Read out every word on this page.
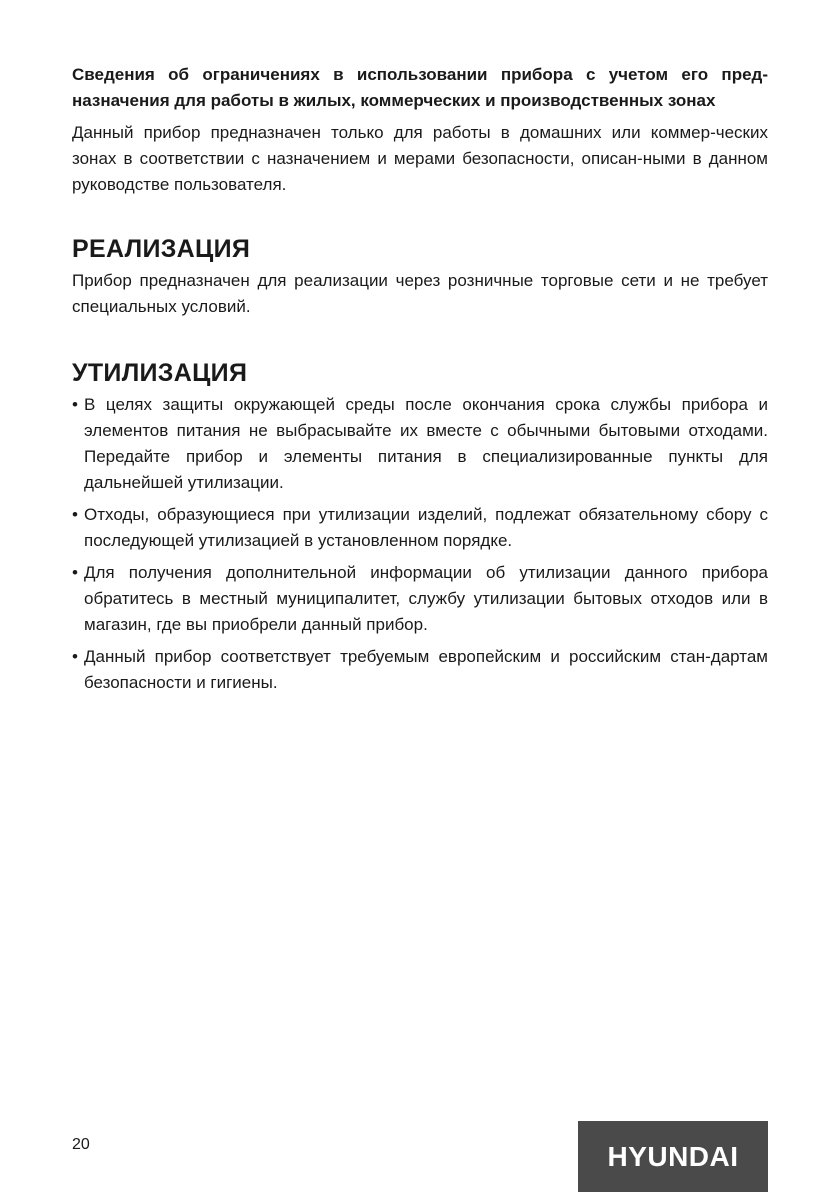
Сведения об ограничениях в использовании прибора с учетом его пред-назначения для работы в жилых, коммерческих и производственных зонах

Данный прибор предназначен только для работы в домашних или коммер-ческих зонах в соответствии с назначением и мерами безопасности, описан-ными в данном руководстве пользователя.

РЕАЛИЗАЦИЯ

Прибор предназначен для реализации через розничные торговые сети и не требует специальных условий.

УТИЛИЗАЦИЯ
• В целях защиты окружающей среды после окончания срока службы прибора и элементов питания не выбрасывайте их вместе с обычными бытовыми отходами. Передайте прибор и элементы питания в специализированные пункты для дальнейшей утилизации.
• Отходы, образующиеся при утилизации изделий, подлежат обязательному сбору с последующей утилизацией в установленном порядке.
• Для получения дополнительной информации об утилизации данного прибора обратитесь в местный муниципалитет, службу утилизации бытовых отходов или в магазин, где вы приобрели данный прибор.
• Данный прибор соответствует требуемым европейским и российским стан-дартам безопасности и гигиены.
20	HYUNDAI
